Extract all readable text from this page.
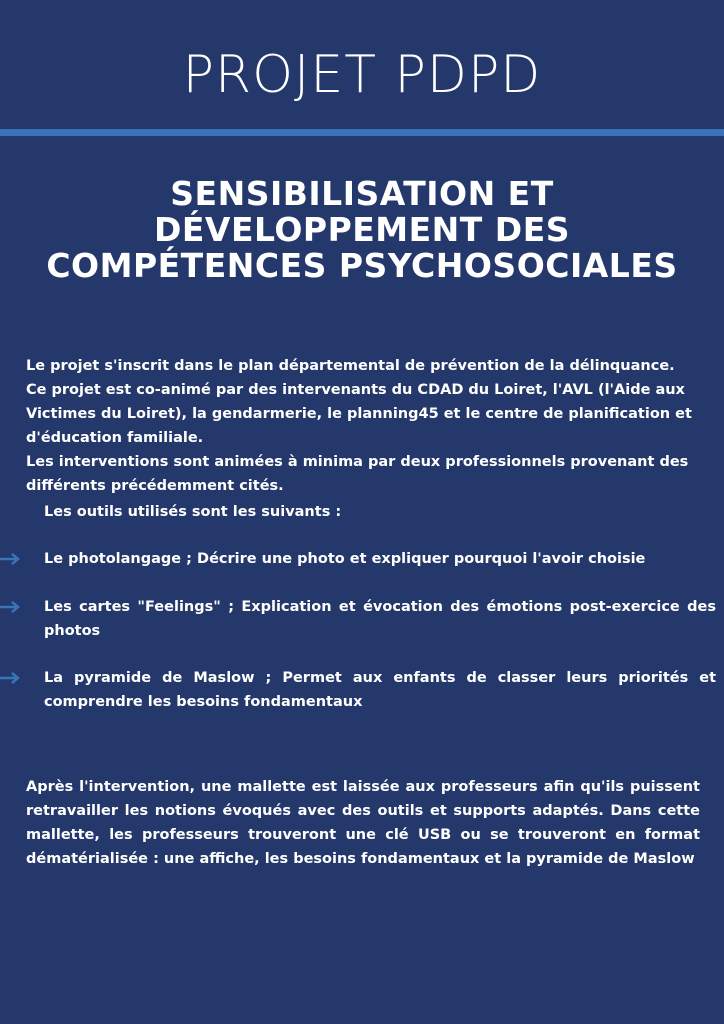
PROJET PDPD
SENSIBILISATION ET
DÉVELOPPEMENT DES
COMPÉTENCES PSYCHOSOCIALES

Le projet s'inscrit dans le plan départemental de prévention de la délinquance.

Ce projet est co-animé par des intervenants du CDAD du Loiret, l'AVL (l'Aide aux Victimes du Loiret), la gendarmerie, le planning45 et le centre de planification et d'éducation familiale.

Les interventions sont animées à minima par deux professionnels provenant des différents précédemment cités.

Les outils utilisés sont les suivants :
Le photolangage ; Décrire une photo et expliquer pourquoi l'avoir choisie
Les cartes "Feelings" ; Explication et évocation des émotions post-exercice des photos
La pyramide de Maslow ; Permet aux enfants de classer leurs priorités et comprendre les besoins fondamentaux
Après l'intervention, une mallette est laissée aux professeurs afin qu'ils puissent retravailler les notions évoqués avec des outils et supports adaptés. Dans cette mallette, les professeurs trouveront une clé USB ou se trouveront en format dématérialisée : une affiche, les besoins fondamentaux et la pyramide de Maslow
